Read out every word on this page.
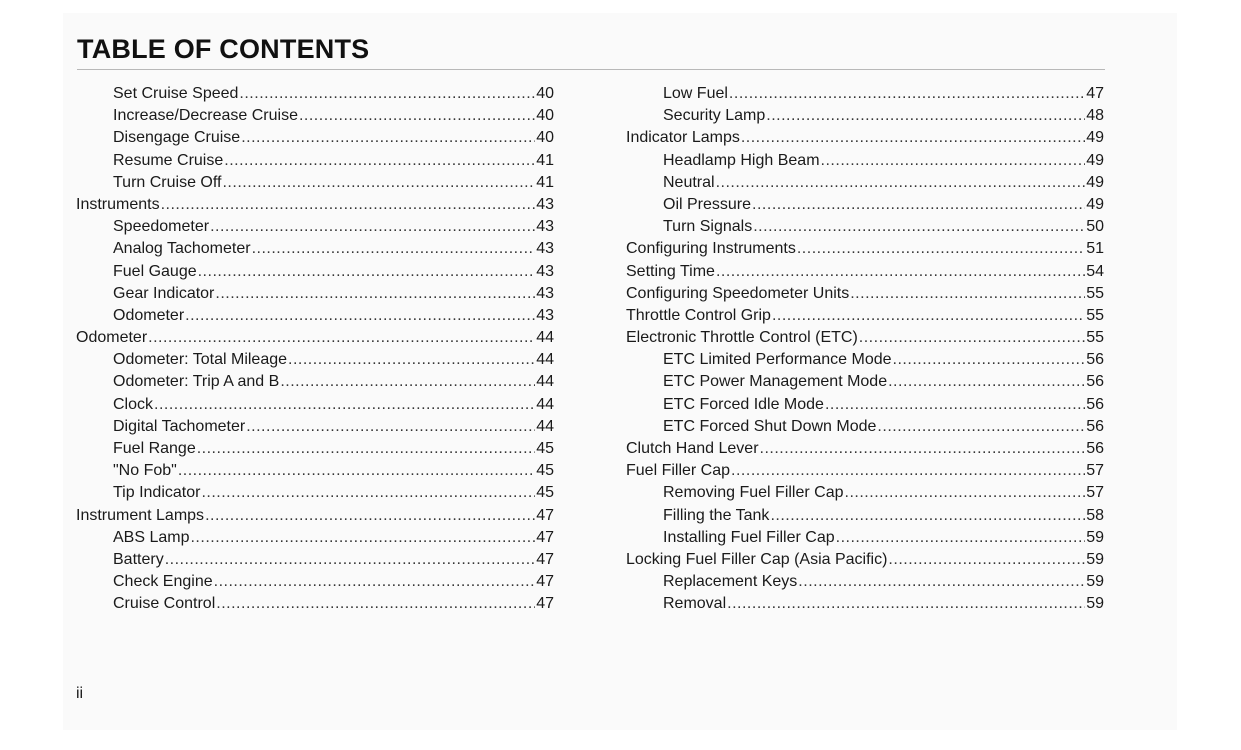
TABLE OF CONTENTS
Set Cruise Speed .....	40
Increase/Decrease Cruise .....	40
Disengage Cruise .....	40
Resume Cruise .....	41
Turn Cruise Off .....	41
Instruments .....	43
Speedometer .....	43
Analog Tachometer .....	43
Fuel Gauge .....	43
Gear Indicator .....	43
Odometer .....	43
Odometer .....	44
Odometer: Total Mileage .....	44
Odometer: Trip A and B .....	44
Clock .....	44
Digital Tachometer .....	44
Fuel Range .....	45
"No Fob" .....	45
Tip Indicator .....	45
Instrument Lamps .....	47
ABS Lamp .....	47
Battery .....	47
Check Engine .....	47
Cruise Control .....	47
Low Fuel .....	47
Security Lamp .....	48
Indicator Lamps .....	49
Headlamp High Beam .....	49
Neutral .....	49
Oil Pressure .....	49
Turn Signals .....	50
Configuring Instruments .....	51
Setting Time .....	54
Configuring Speedometer Units .....	55
Throttle Control Grip .....	55
Electronic Throttle Control (ETC) .....	55
ETC Limited Performance Mode .....	56
ETC Power Management Mode .....	56
ETC Forced Idle Mode .....	56
ETC Forced Shut Down Mode .....	56
Clutch Hand Lever .....	56
Fuel Filler Cap .....	57
Removing Fuel Filler Cap .....	57
Filling the Tank .....	58
Installing Fuel Filler Cap .....	59
Locking Fuel Filler Cap (Asia Pacific) .....	59
Replacement Keys .....	59
Removal .....	59
ii
